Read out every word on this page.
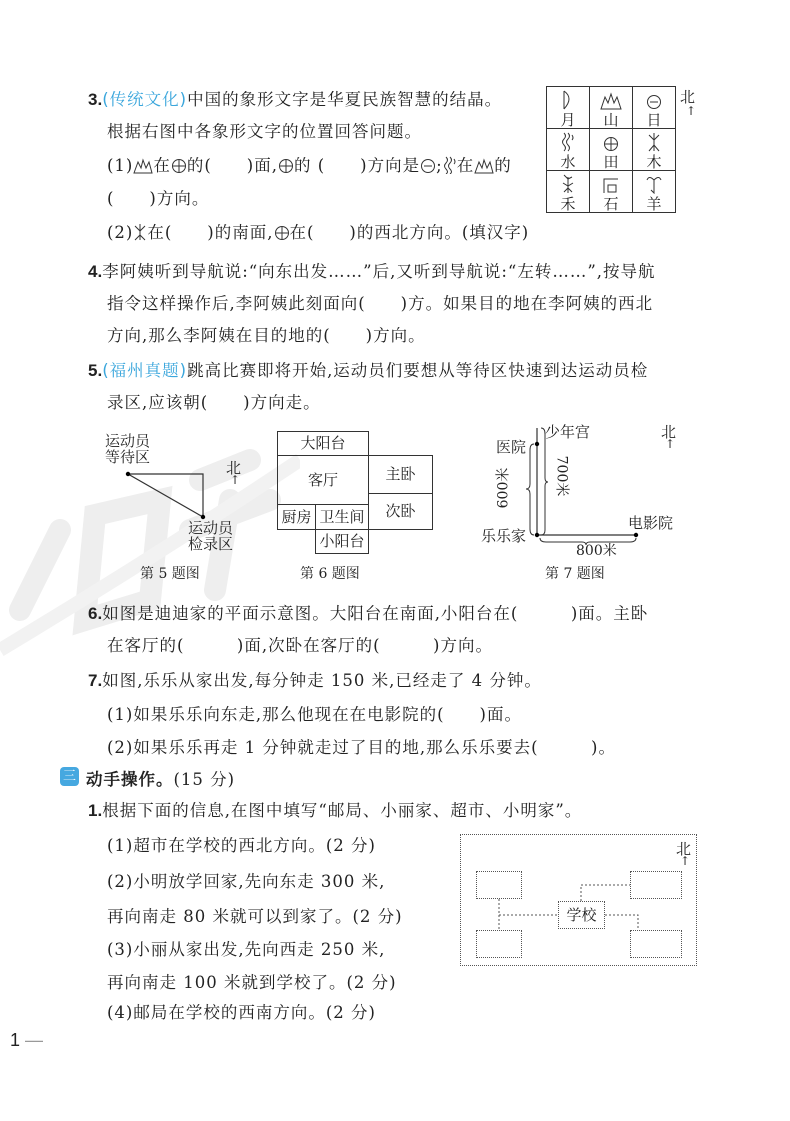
3.(传统文化)中国的象形文字是华夏民族智慧的结晶。
根据右图中各象形文字的位置回答问题。
(1) 在 的(　　)面, 的 (　　)方向是 ; 在 的
(　　)方向。
(2) 在(　　)的南面, 在(　　)的西北方向。(填汉字)
月	山	日

水	田	木

禾	石	羊
北
↑
4.李阿姨听到导航说:“向东出发……”后,又听到导航说:“左转……”,按导航
指令这样操作后,李阿姨此刻面向(　　)方。如果目的地在李阿姨的西北
方向,那么李阿姨在目的地的(　　)方向。
5.(福州真题)跳高比赛即将开始,运动员们要想从等待区快速到达运动员检
录区,应该朝(　　)方向走。
运动员
等待区
运动员
检录区
北
↑
第 5 题图
大阳台
客厅	主卧
次卧
厨房 卫生间
小阳台
第 6 题图
少年宫
医院
乐乐家
电影院
600米	700米
800米
北
↑
第 7 题图
6.如图是迪迪家的平面示意图。大阳台在南面,小阳台在(　　　)面。主卧
在客厅的(　　　)面,次卧在客厅的(　　　)方向。
7.如图,乐乐从家出发,每分钟走 150 米,已经走了 4 分钟。
(1)如果乐乐向东走,那么他现在在电影院的(　　)面。
(2)如果乐乐再走 1 分钟就走过了目的地,那么乐乐要去(　　　)。
三 动手操作。(15 分)
1.根据下面的信息,在图中填写“邮局、小丽家、超市、小明家”。
(1)超市在学校的西北方向。(2 分)
(2)小明放学回家,先向东走 300 米,
再向南走 80 米就可以到家了。(2 分)
(3)小丽从家出发,先向西走 250 米,
再向南走 100 米就到学校了。(2 分)
(4)邮局在学校的西南方向。(2 分)
学校
北
↑
1 —
